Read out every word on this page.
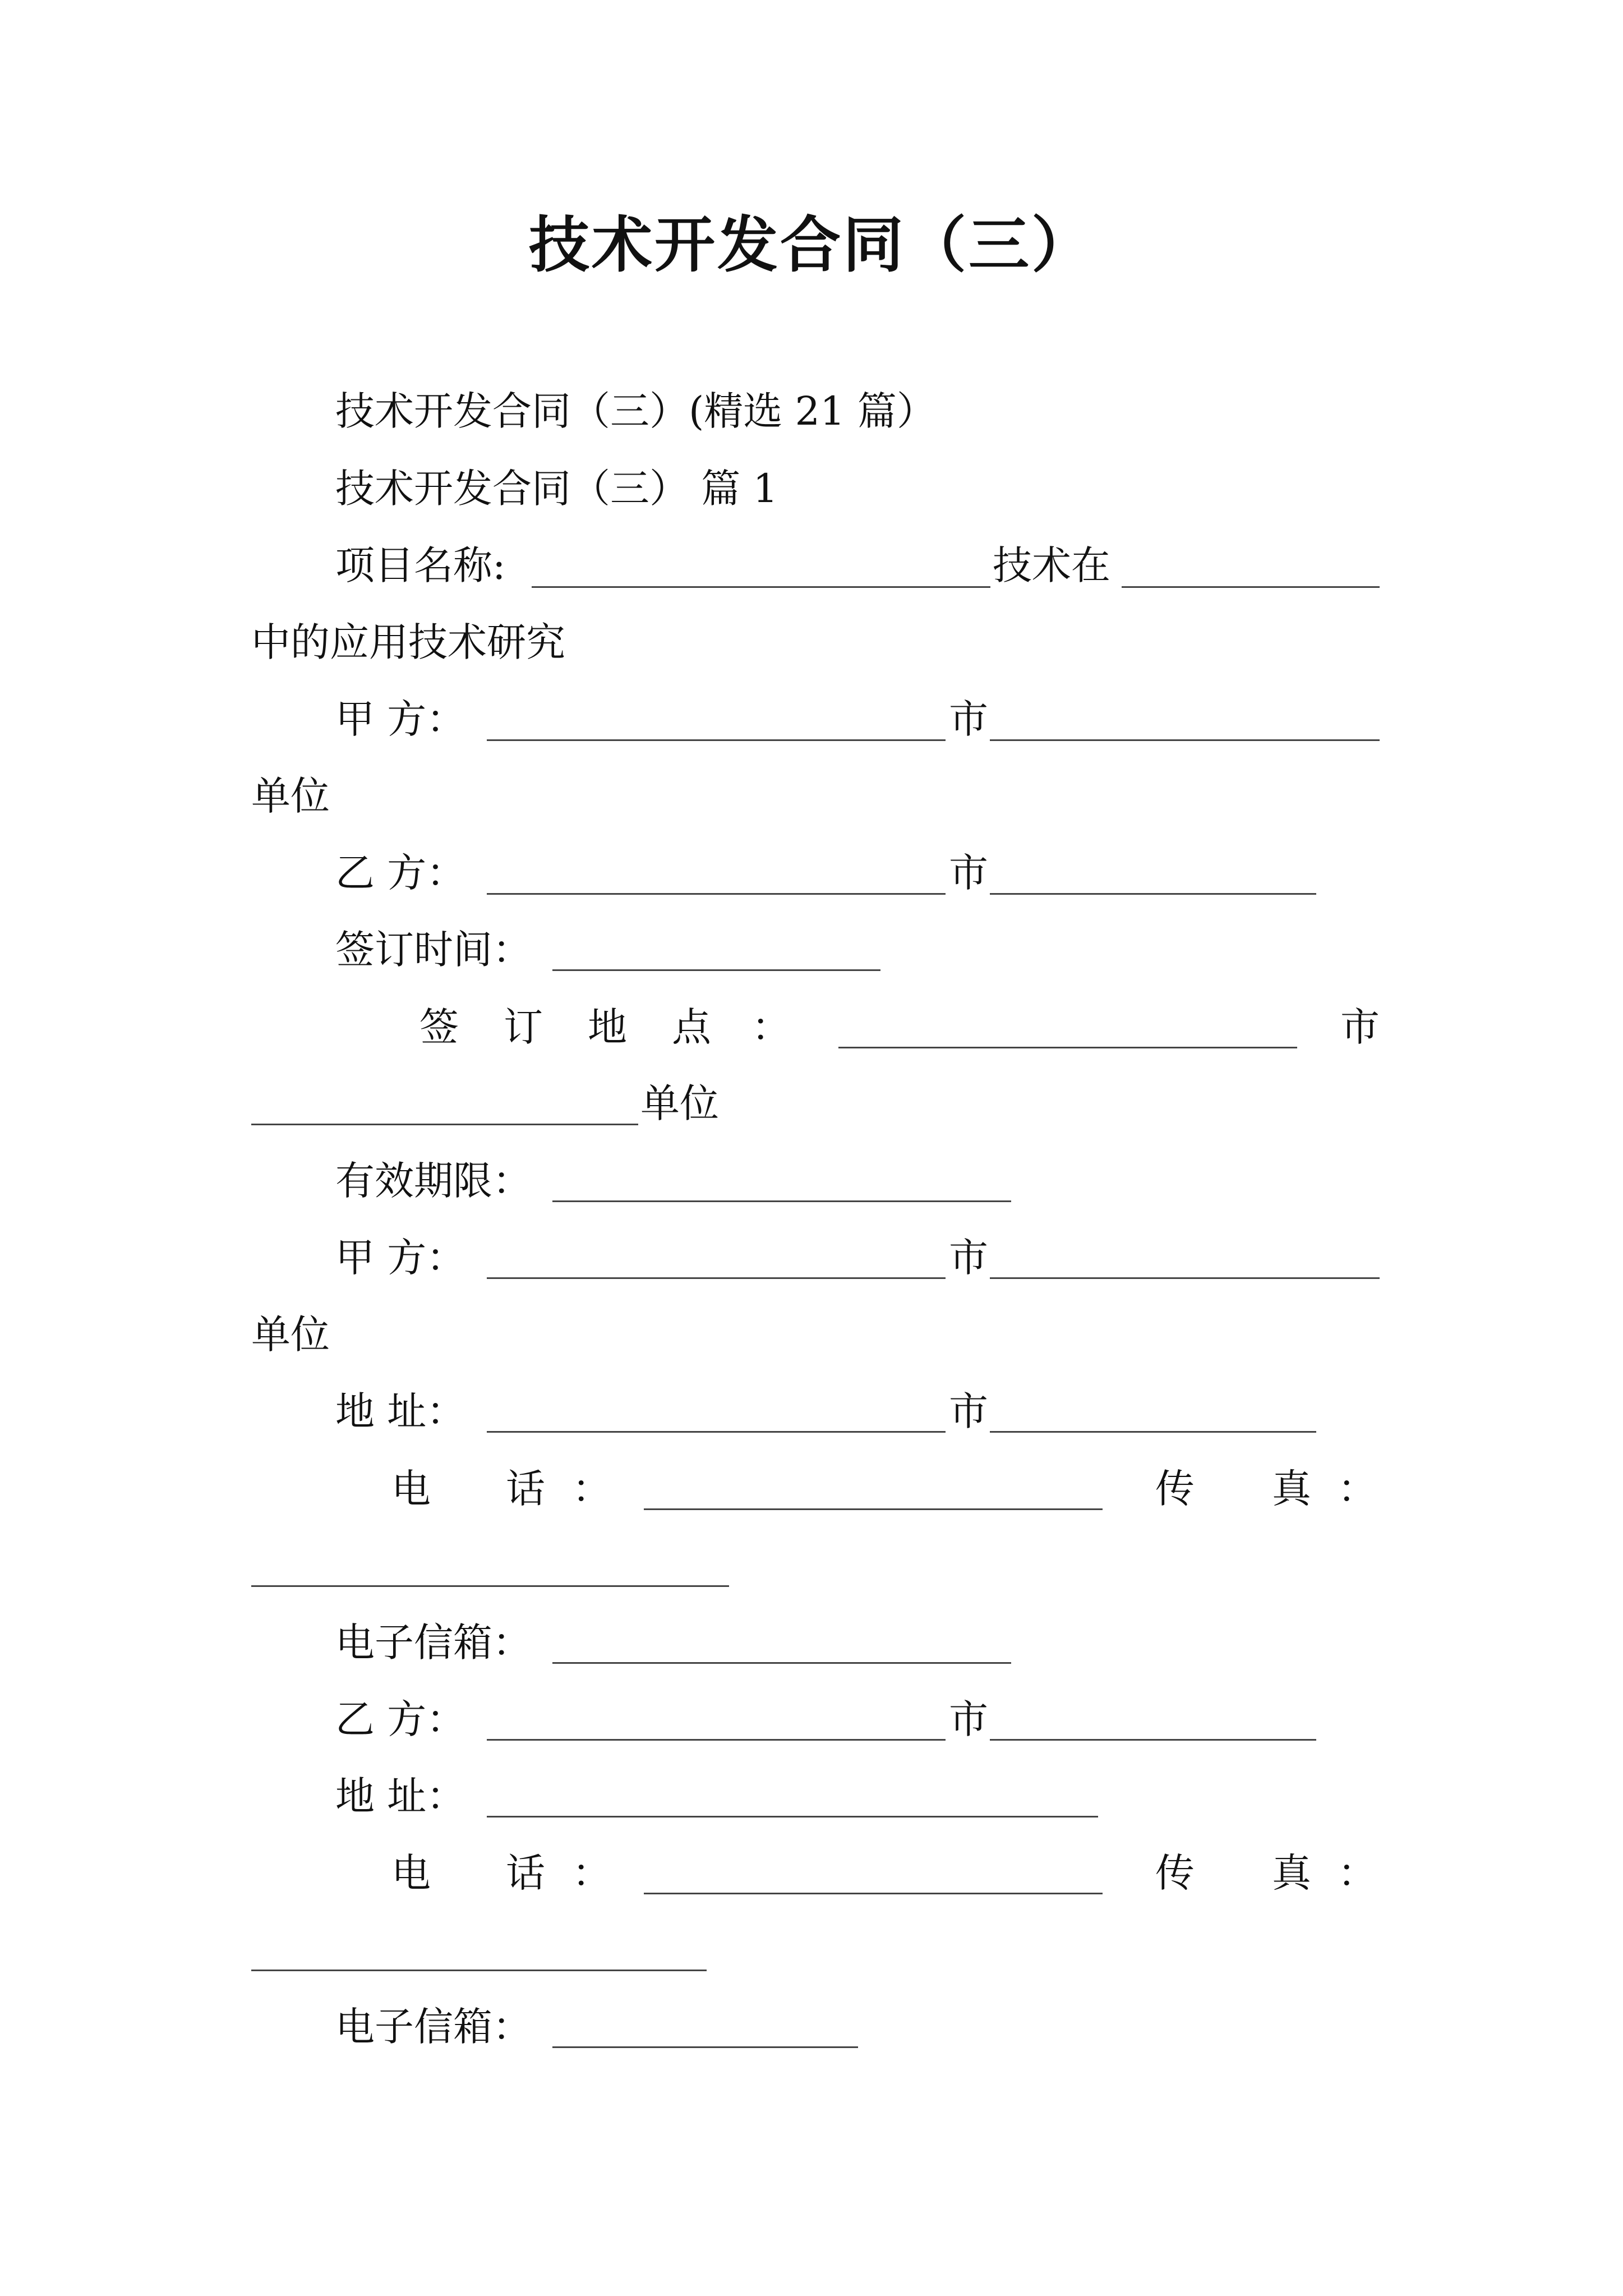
技术开发合同（三）
技术开发合同（三）(精选 21 篇）
技术开发合同（三） 篇 1
项目名称:	技术在
中的应用技术研究
甲 方：	市
单位
乙 方：	市
签订时间：
签 订 地 点 ：	市
单位
有效期限：
甲 方：	市
单位
地 址：	市
电 话 ：	传 真 ：
电子信箱：
乙 方：	市
地 址：
电 话 ：	传 真 ：
电子信箱：
